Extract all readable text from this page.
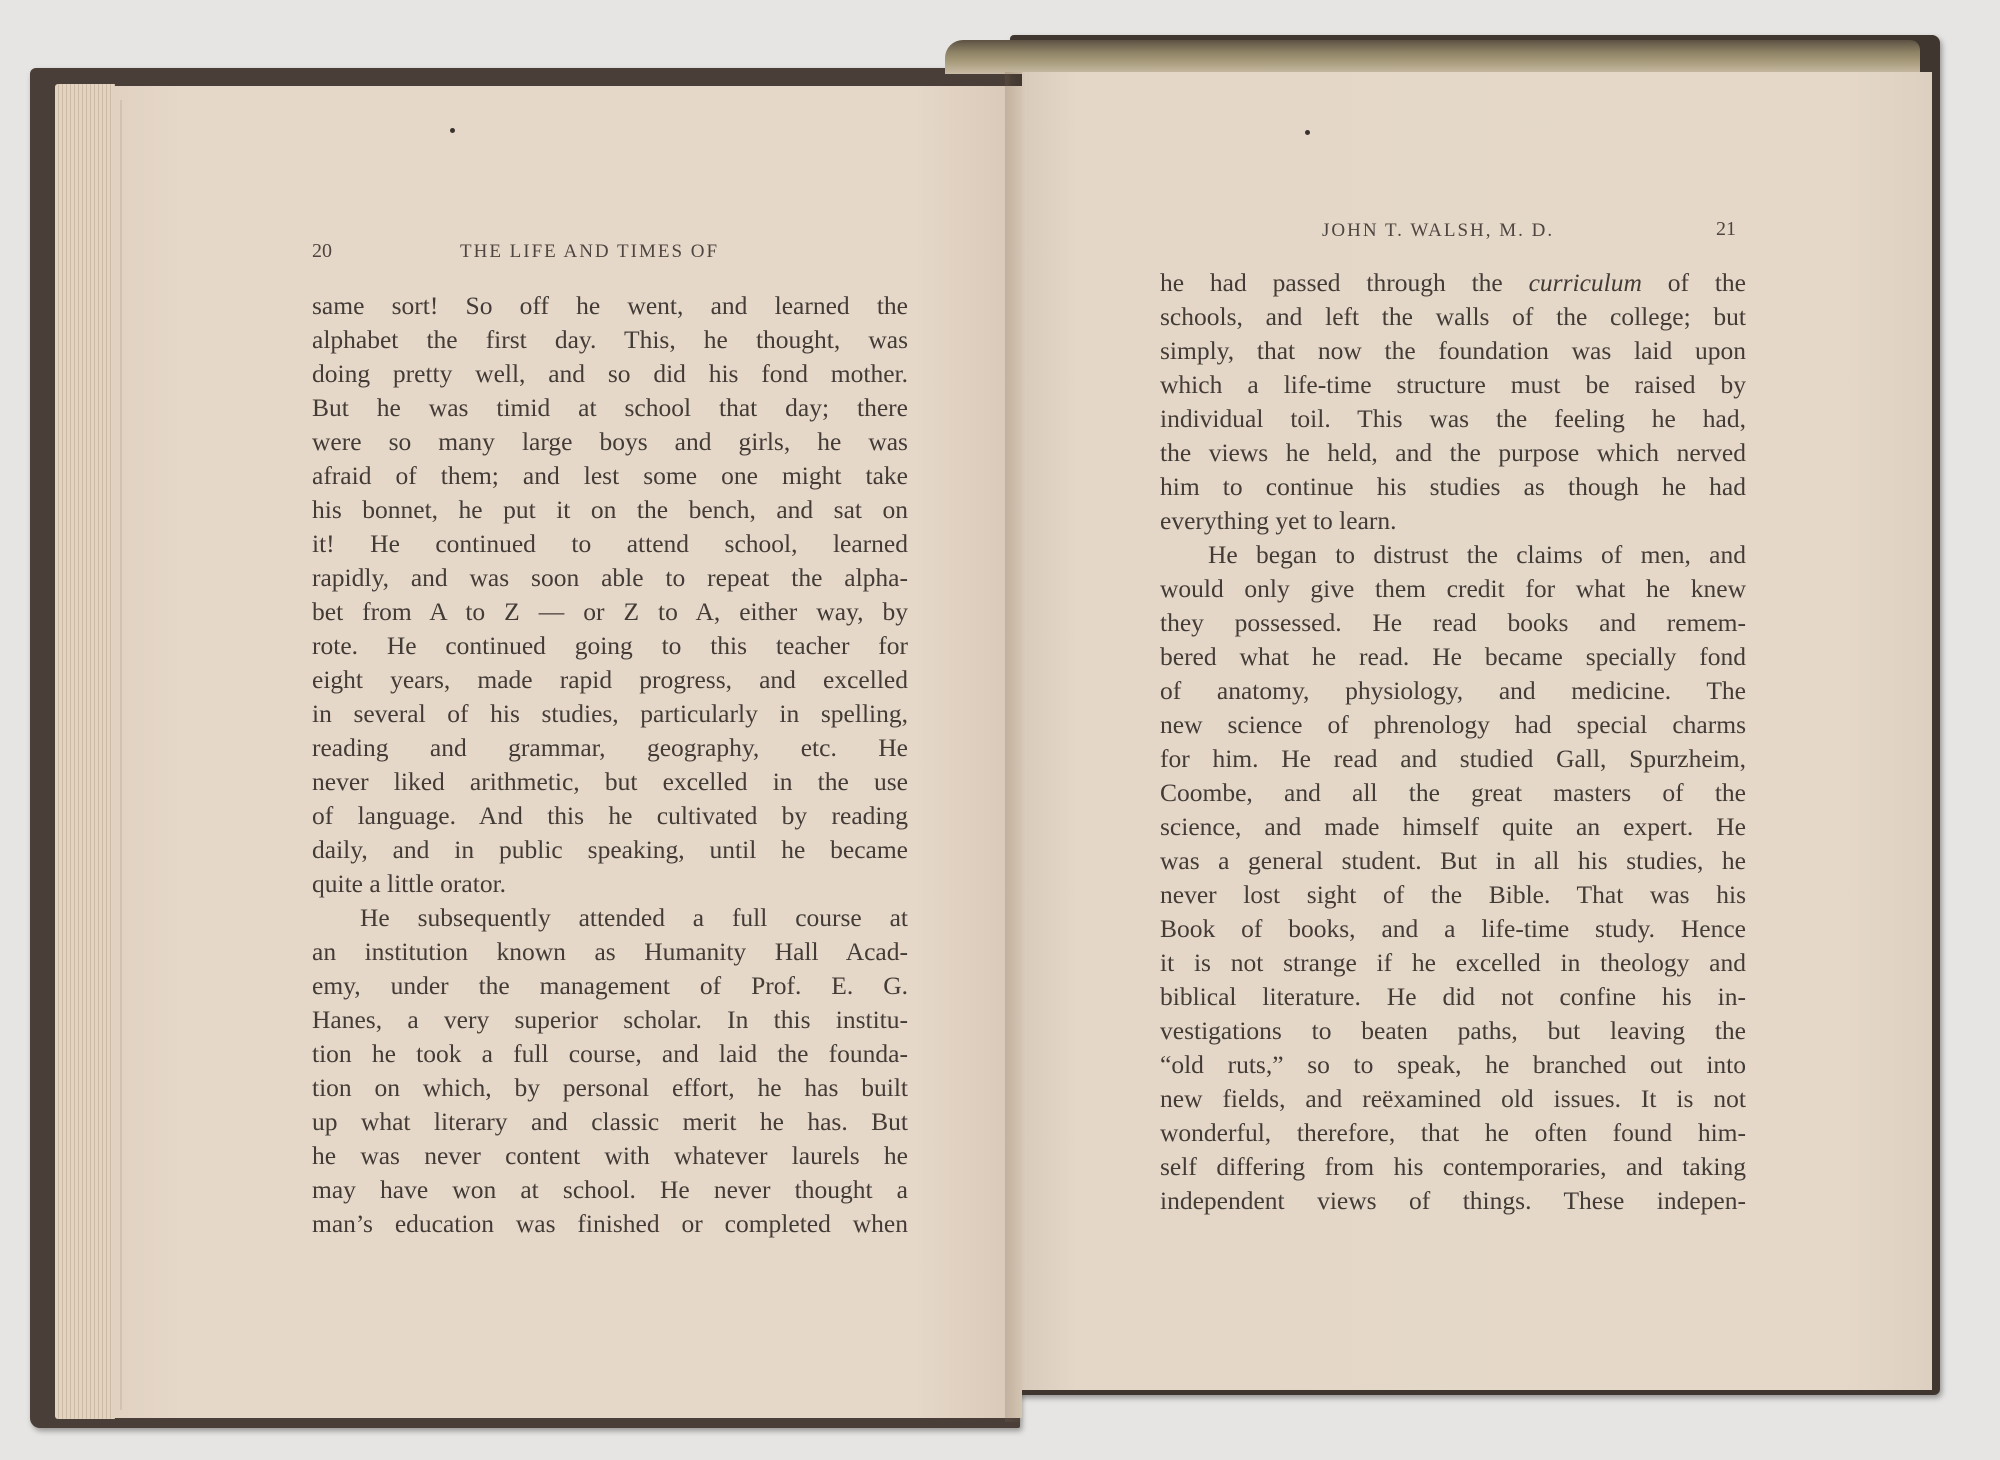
20	THE LIFE AND TIMES OF
same sort! So off he went, and learned the
alphabet the first day. This, he thought, was
doing pretty well, and so did his fond mother.
But he was timid at school that day; there
were so many large boys and girls, he was
afraid of them; and lest some one might take
his bonnet, he put it on the bench, and sat on
it! He continued to attend school, learned
rapidly, and was soon able to repeat the alpha-
bet from A to Z — or Z to A, either way, by
rote. He continued going to this teacher for
eight years, made rapid progress, and excelled
in several of his studies, particularly in spelling,
reading and grammar, geography, etc. He
never liked arithmetic, but excelled in the use
of language. And this he cultivated by reading
daily, and in public speaking, until he became
quite a little orator.
He subsequently attended a full course at
an institution known as Humanity Hall Acad-
emy, under the management of Prof. E. G.
Hanes, a very superior scholar. In this institu-
tion he took a full course, and laid the founda-
tion on which, by personal effort, he has built
up what literary and classic merit he has. But
he was never content with whatever laurels he
may have won at school. He never thought a
man’s education was finished or completed when
JOHN T. WALSH, M. D.	21
he had passed through the curriculum of the
schools, and left the walls of the college; but
simply, that now the foundation was laid upon
which a life-time structure must be raised by
individual toil. This was the feeling he had,
the views he held, and the purpose which nerved
him to continue his studies as though he had
everything yet to learn.
He began to distrust the claims of men, and
would only give them credit for what he knew
they possessed. He read books and remem-
bered what he read. He became specially fond
of anatomy, physiology, and medicine. The
new science of phrenology had special charms
for him. He read and studied Gall, Spurzheim,
Coombe, and all the great masters of the
science, and made himself quite an expert. He
was a general student. But in all his studies, he
never lost sight of the Bible. That was his
Book of books, and a life-time study. Hence
it is not strange if he excelled in theology and
biblical literature. He did not confine his in-
vestigations to beaten paths, but leaving the
“old ruts,” so to speak, he branched out into
new fields, and reëxamined old issues. It is not
wonderful, therefore, that he often found him-
self differing from his contemporaries, and taking
independent views of things. These indepen-
